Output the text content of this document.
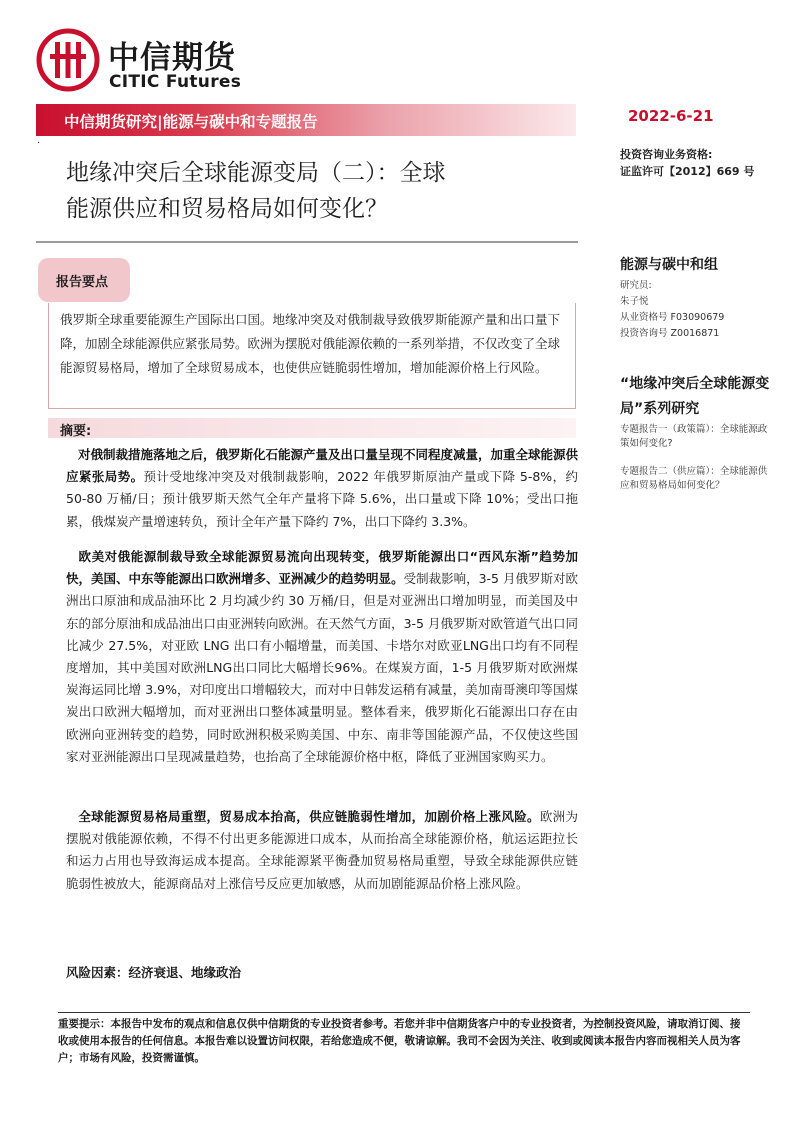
中信期货
CITIC Futures
中信期货研究|能源与碳中和专题报告
·
2022-6-21
地缘冲突后全球能源变局（二）：全球
能源供应和贸易格局如何变化？
投资咨询业务资格:
证监许可【2012】669 号
能源与碳中和组
研究员:
朱子悦
从业资格号 F03090679
投资咨询号 Z0016871
“地缘冲突后全球能源变局”系列研究
专题报告一（政策篇）：全球能源政策如何变化?
专题报告二（供应篇）：全球能源供应和贸易格局如何变化？
报告要点
俄罗斯全球重要能源生产国际出口国。地缘冲突及对俄制裁导致俄罗斯能源产量和出口量下降，加剧全球能源供应紧张局势。欧洲为摆脱对俄能源依赖的一系列举措，不仅改变了全球能源贸易格局，增加了全球贸易成本，也使供应链脆弱性增加，增加能源价格上行风险。
摘要:
对俄制裁措施落地之后，俄罗斯化石能源产量及出口量呈现不同程度减量，加重全球能源供应紧张局势。预计受地缘冲突及对俄制裁影响，2022 年俄罗斯原油产量或下降 5-8%，约 50-80 万桶/日；预计俄罗斯天然气全年产量将下降 5.6%，出口量或下降 10%；受出口拖累，俄煤炭产量增速转负，预计全年产量下降约 7%，出口下降约 3.3%。
欧美对俄能源制裁导致全球能源贸易流向出现转变，俄罗斯能源出口“西风东渐”趋势加快，美国、中东等能源出口欧洲增多、亚洲减少的趋势明显。受制裁影响，3-5 月俄罗斯对欧洲出口原油和成品油环比 2 月均减少约 30 万桶/日，但是对亚洲出口增加明显，而美国及中东的部分原油和成品油出口由亚洲转向欧洲。在天然气方面，3-5 月俄罗斯对欧管道气出口同比减少 27.5%，对亚欧 LNG 出口有小幅增量，而美国、卡塔尔对欧亚LNG出口均有不同程度增加，其中美国对欧洲LNG出口同比大幅增长96%。在煤炭方面，1-5 月俄罗斯对欧洲煤炭海运同比增 3.9%，对印度出口增幅较大，而对中日韩发运稍有减量，美加南哥澳印等国煤炭出口欧洲大幅增加，而对亚洲出口整体减量明显。整体看来，俄罗斯化石能源出口存在由欧洲向亚洲转变的趋势，同时欧洲积极采购美国、中东、南非等国能源产品，不仅使这些国家对亚洲能源出口呈现减量趋势，也抬高了全球能源价格中枢，降低了亚洲国家购买力。
全球能源贸易格局重塑，贸易成本抬高，供应链脆弱性增加，加剧价格上涨风险。欧洲为摆脱对俄能源依赖，不得不付出更多能源进口成本，从而抬高全球能源价格，航运运距拉长和运力占用也导致海运成本提高。全球能源紧平衡叠加贸易格局重塑，导致全球能源供应链脆弱性被放大，能源商品对上涨信号反应更加敏感，从而加剧能源品价格上涨风险。
风险因素：经济衰退、地缘政治
重要提示：本报告中发布的观点和信息仅供中信期货的专业投资者参考。若您并非中信期货客户中的专业投资者，为控制投资风险，请取消订阅、接收或使用本报告的任何信息。本报告难以设置访问权限，若给您造成不便，敬请谅解。我司不会因为关注、收到或阅读本报告内容而视相关人员为客户；市场有风险，投资需谨慎。
